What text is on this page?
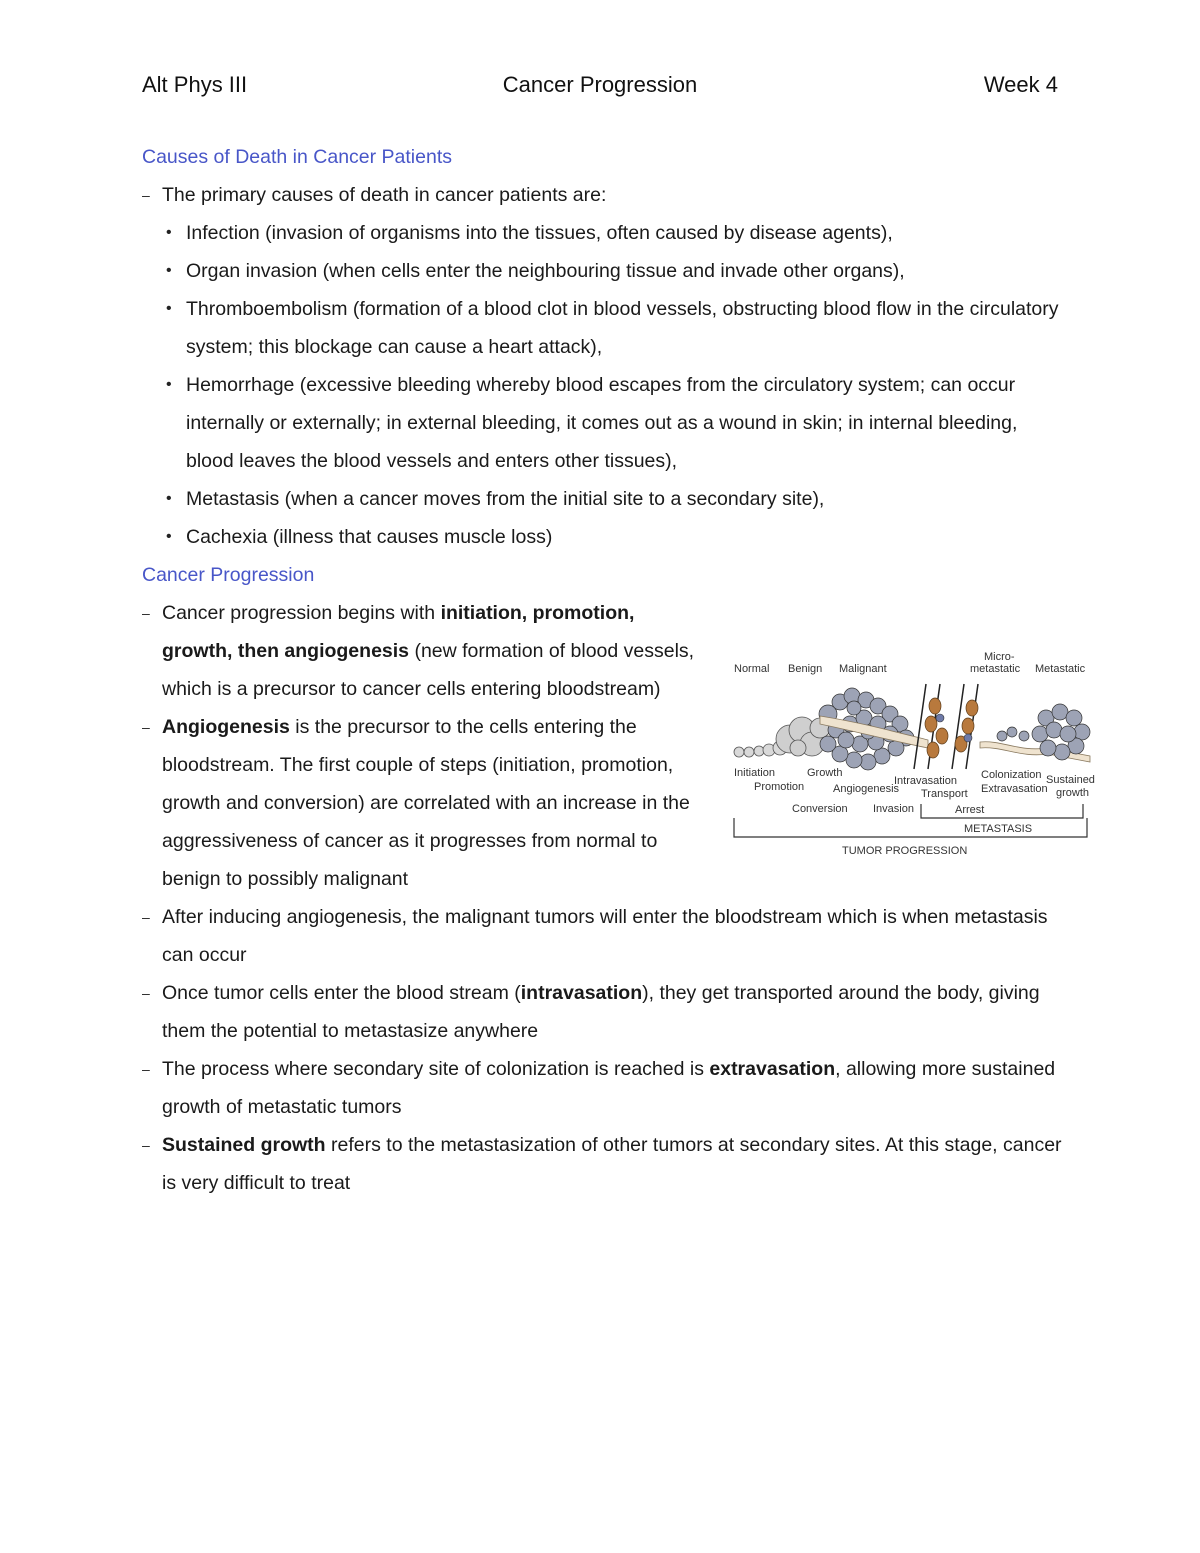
Alt Phys III	Cancer Progression	Week 4

Causes of Death in Cancer Patients

– The primary causes of death in cancer patients are:

• Infection (invasion of organisms into the tissues, often caused by disease agents),
• Organ invasion (when cells enter the neighbouring tissue and invade other organs),
• Thromboembolism (formation of a blood clot in blood vessels, obstructing blood flow in the circulatory system; this blockage can cause a heart attack),
• Hemorrhage (excessive bleeding whereby blood escapes from the circulatory system; can occur internally or externally; in external bleeding, it comes out as a wound in skin; in internal bleeding, blood leaves the blood vessels and enters other tissues),
• Metastasis (when a cancer moves from the initial site to a secondary site),
• Cachexia (illness that causes muscle loss)

Cancer Progression

– Cancer progression begins with initiation, promotion, growth, then angiogenesis (new formation of blood vessels, which is a precursor to cancer cells entering bloodstream)

– Angiogenesis is the precursor to the cells entering the bloodstream. The first couple of steps (initiation, promotion, growth and conversion) are correlated with an increase in the aggressiveness of cancer as it progresses from normal to benign to possibly malignant

– After inducing angiogenesis, the malignant tumors will enter the bloodstream which is when metastasis can occur

– Once tumor cells enter the blood stream (intravasation), they get transported around the body, giving them the potential to metastasize anywhere

– The process where secondary site of colonization is reached is extravasation, allowing more sustained growth of metastatic tumors

– Sustained growth refers to the metastasization of other tumors at secondary sites. At this stage, cancer is very difficult to treat

Normal Benign Malignant
Micro-
metastatic Metastatic
Initiation
Promotion
Growth
Angiogenesis
Intravasation
Transport
Colonization
Extravasation
Sustained
growth
Conversion Invasion	Arrest
METASTASIS
TUMOR PROGRESSION
